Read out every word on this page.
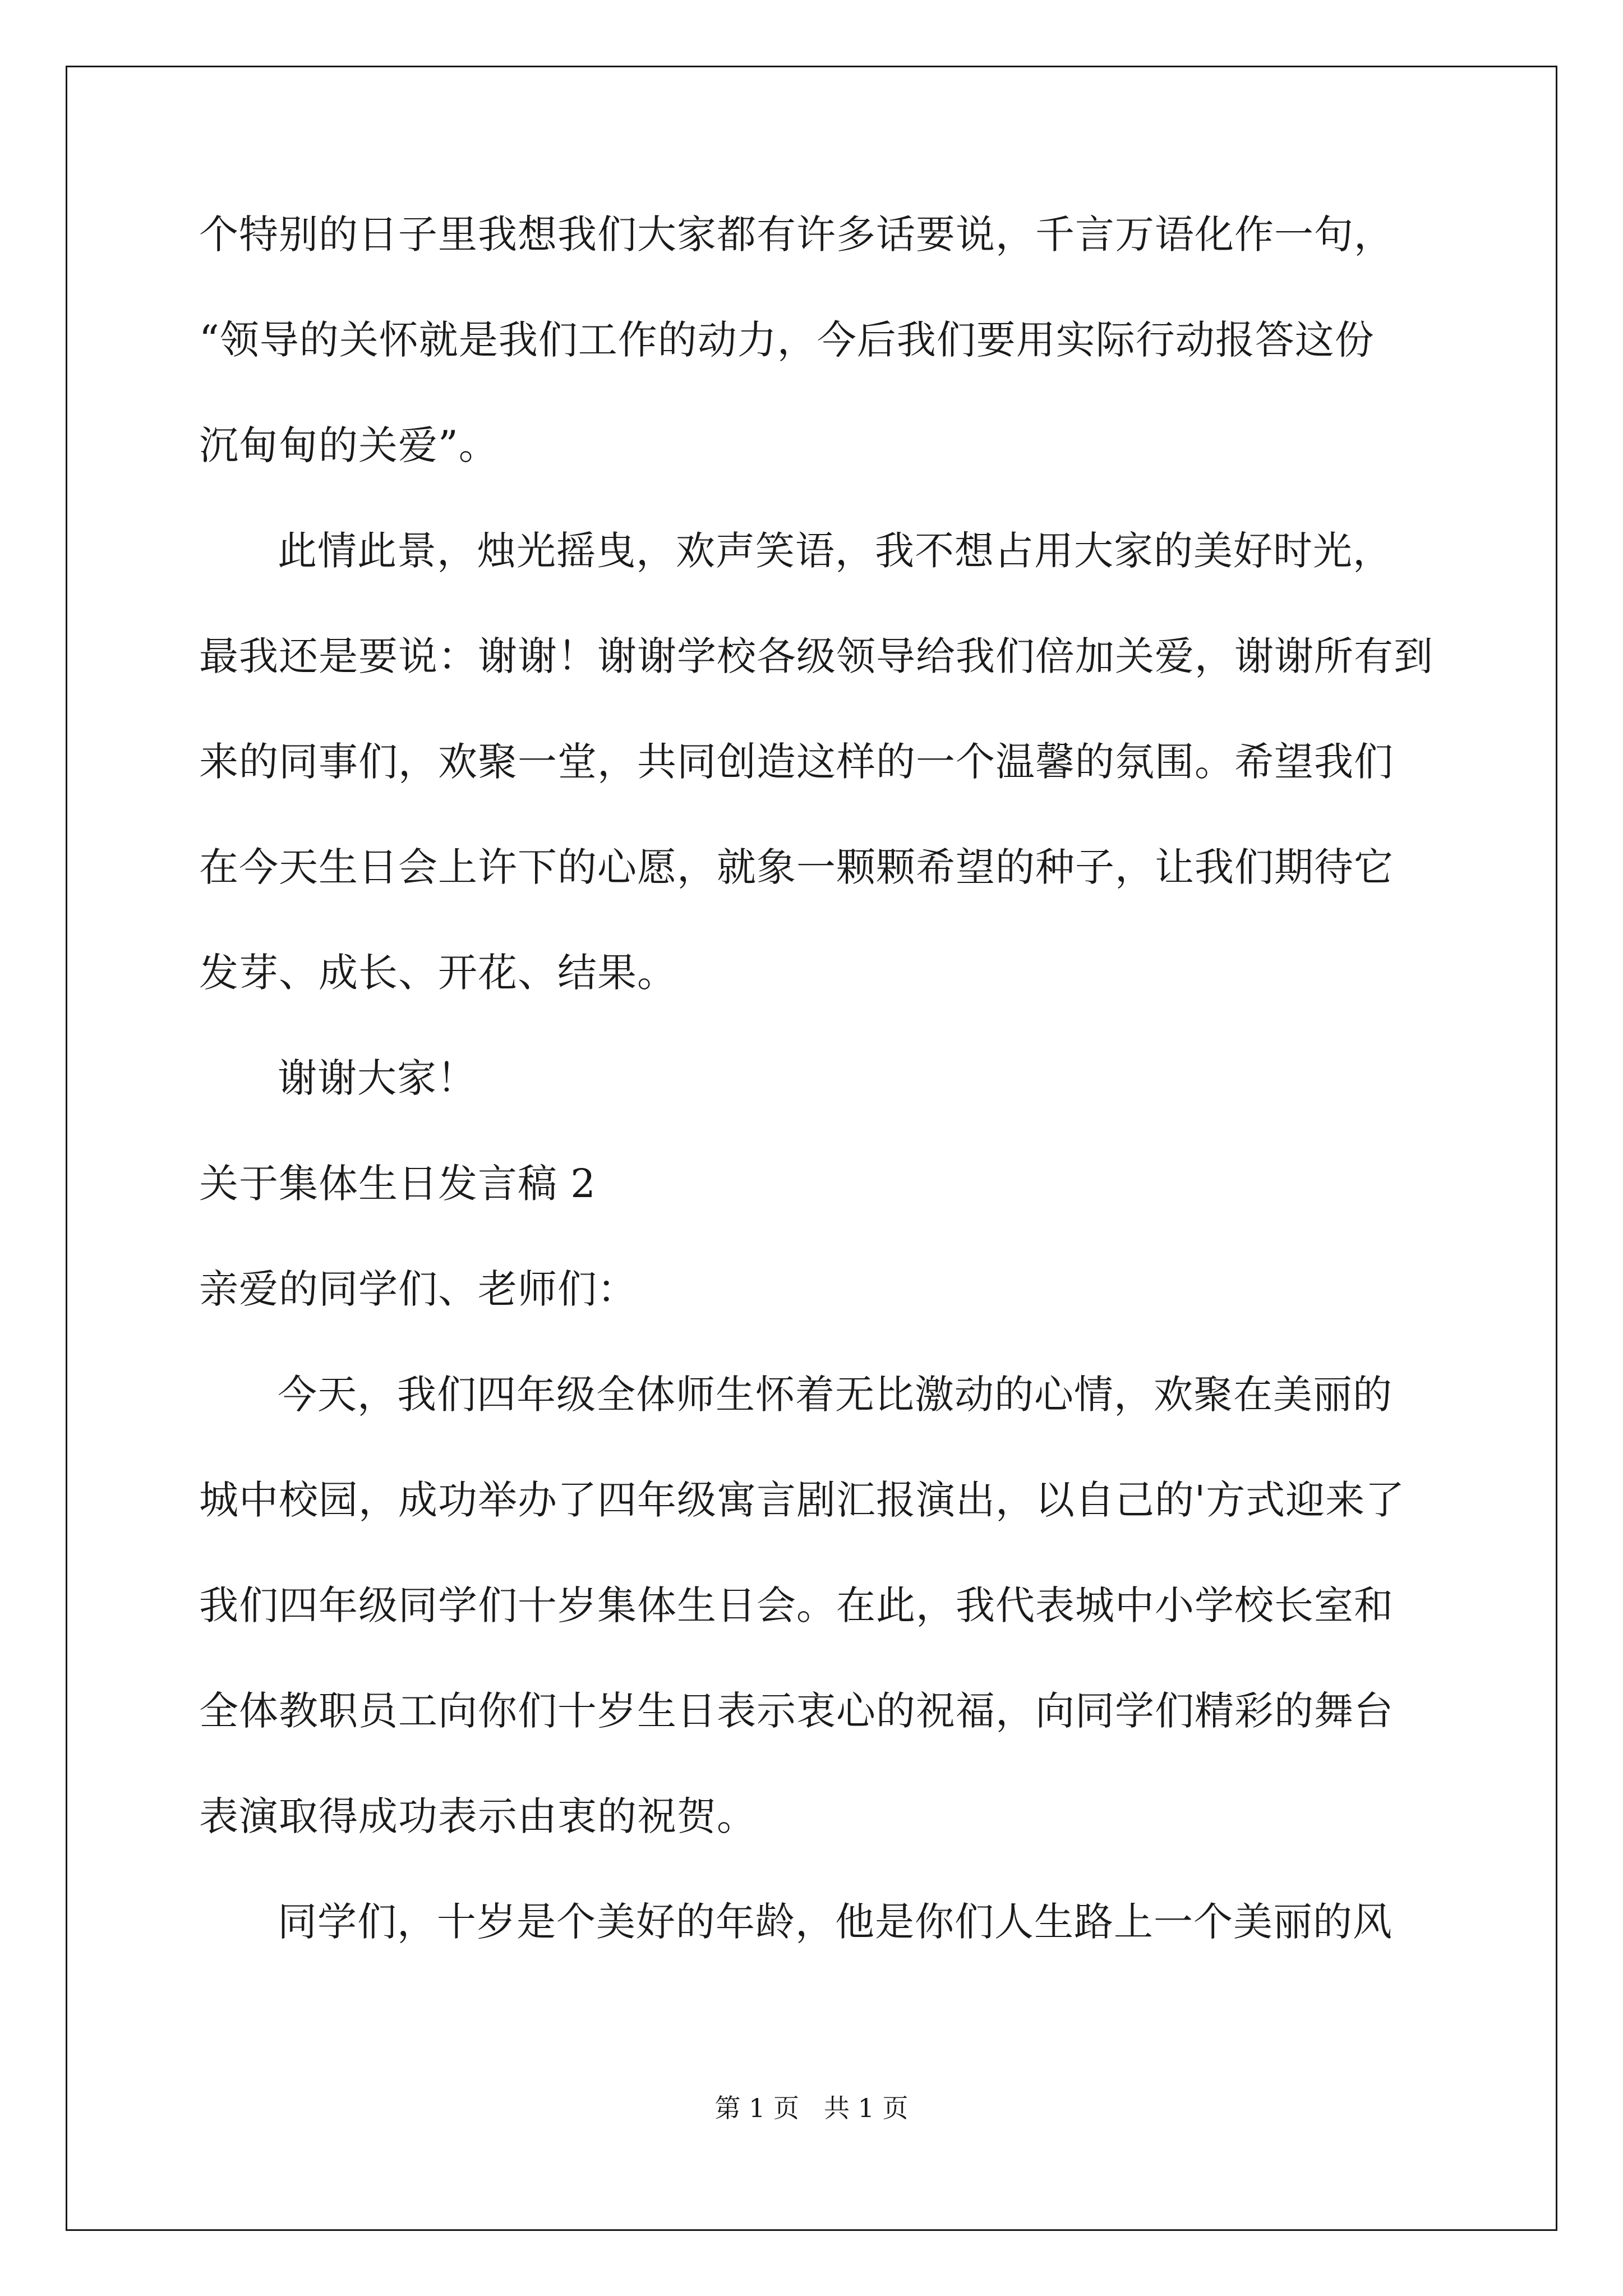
个特别的日子里我想我们大家都有许多话要说，千言万语化作一句，
“领导的关怀就是我们工作的动力，今后我们要用实际行动报答这份
沉甸甸的关爱”。
此情此景，烛光摇曳，欢声笑语，我不想占用大家的美好时光，
最我还是要说：谢谢！谢谢学校各级领导给我们倍加关爱，谢谢所有到
来的同事们，欢聚一堂，共同创造这样的一个温馨的氛围。希望我们
在今天生日会上许下的心愿，就象一颗颗希望的种子，让我们期待它
发芽、成长、开花、结果。
谢谢大家！
关于集体生日发言稿 2
亲爱的同学们、老师们：
今天，我们四年级全体师生怀着无比激动的心情，欢聚在美丽的
城中校园，成功举办了四年级寓言剧汇报演出，以自己的'方式迎来了
我们四年级同学们十岁集体生日会。在此，我代表城中小学校长室和
全体教职员工向你们十岁生日表示衷心的祝福，向同学们精彩的舞台
表演取得成功表示由衷的祝贺。
同学们，十岁是个美好的年龄，他是你们人生路上一个美丽的风
第 1 页 共 1 页
